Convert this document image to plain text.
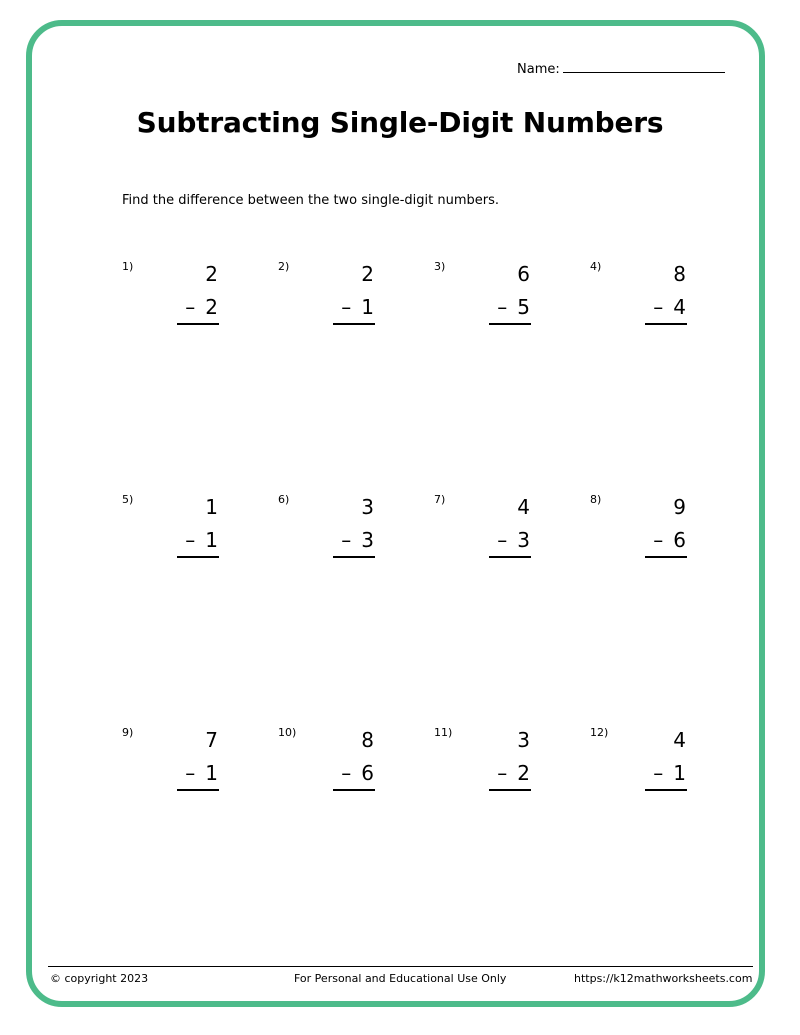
Name:
Subtracting Single-Digit Numbers
Find the difference between the two single-digit numbers.
1)	2
– 2
2)	2
– 1
3)	6
– 5
4)	8
– 4
5)	1
– 1
6)	3
– 3
7)	4
– 3
8)	9
– 6
9)	7
– 1
10)	8
– 6
11)	3
– 2
12)	4
– 1
© copyright 2023	For Personal and Educational Use Only	https://k12mathworksheets.com
